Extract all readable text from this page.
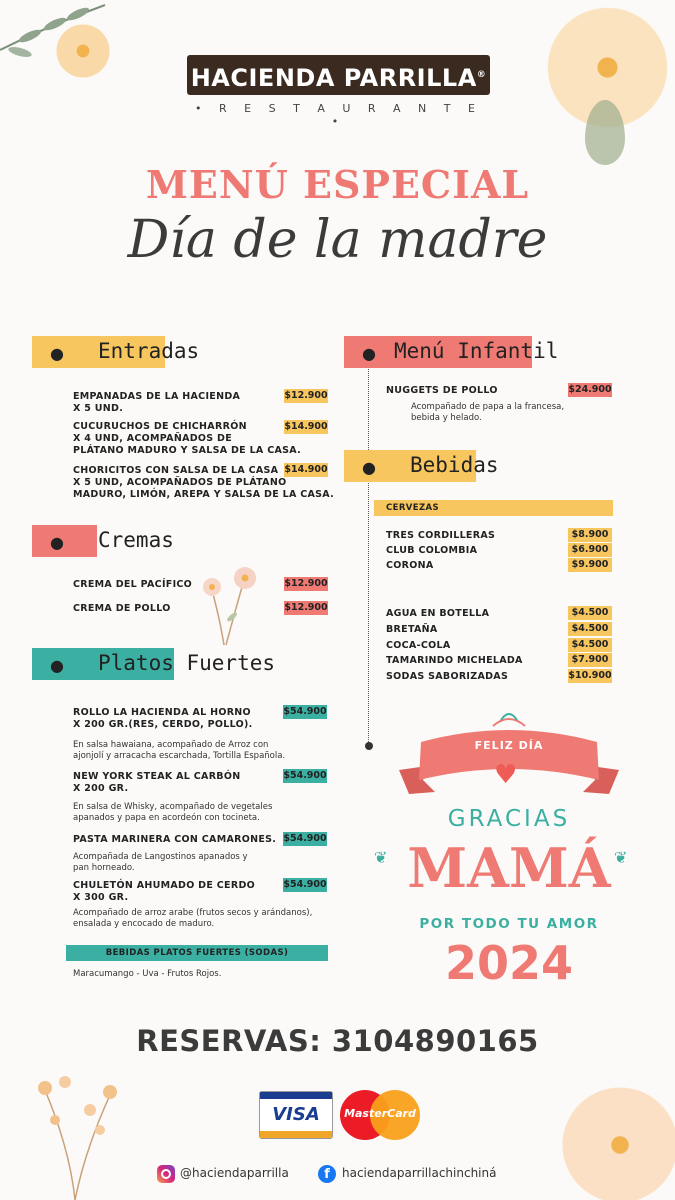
HACIENDA PARRILLA®
• R E S T A U R A N T E •
MENÚ ESPECIAL
Día de la madre
● Entradas
EMPANADAS DE LA HACIENDA
X 5 UND.
$12.900
CUCURUCHOS DE CHICHARRÓN
X 4 UND, ACOMPAÑADOS DE
PLÁTANO MADURO Y SALSA DE LA CASA.
$14.900
CHORICITOS CON SALSA DE LA CASA
X 5 UND, ACOMPAÑADOS DE PLÁTANO
MADURO, LIMÓN, AREPA Y SALSA DE LA CASA.
$14.900
● Cremas
CREMA DEL PACÍFICO	$12.900
CREMA DE POLLO	$12.900
● Platos Fuertes
ROLLO LA HACIENDA AL HORNO
X 200 GR.(RES, CERDO, POLLO).
$54.900
En salsa hawaiana, acompañado de Arroz con
ajonjolí y arracacha escarchada, Tortilla Española.
NEW YORK STEAK AL CARBÓN
X 200 GR.
$54.900
En salsa de Whisky, acompañado de vegetales
apanados y papa en acordeón con tocineta.
PASTA MARINERA CON CAMARONES. $54.900
Acompañada de Langostinos apanados y
pan horneado.
CHULETÓN AHUMADO DE CERDO
X 300 GR.
$54.900
Acompañado de arroz arabe (frutos secos y arándanos),
ensalada y encocado de maduro.
BEBIDAS PLATOS FUERTES (SODAS)
Maracumango - Uva - Frutos Rojos.
● Menú Infantil
NUGGETS DE POLLO	$24.900
Acompañado de papa a la francesa,
bebida y helado.
● Bebidas
CERVEZAS
TRES CORDILLERAS	$8.900
CLUB COLOMBIA	$6.900
CORONA	$9.900
AGUA EN BOTELLA	$4.500
BRETAÑA	$4.500
COCA-COLA	$4.500
TAMARINDO MICHELADA	$7.900
SODAS SABORIZADAS	$10.900
FELIZ DÍA
♥
GRACIAS
MAMÁ
❦	❦
POR TODO TU AMOR
2024
RESERVAS: 3104890165
VISA	MasterCard
@haciendaparrilla	f	haciendaparrillachinchiná
